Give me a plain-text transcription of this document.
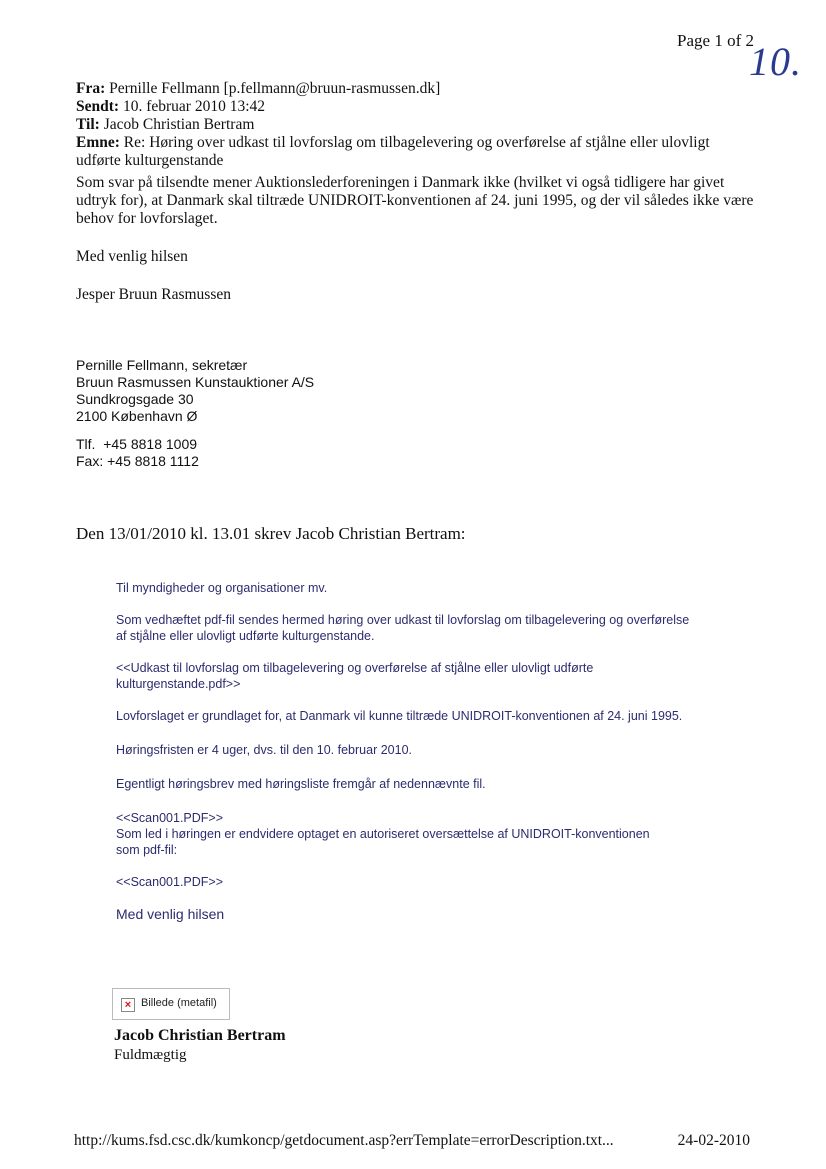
Page 1 of 2
10.
Fra: Pernille Fellmann [p.fellmann@bruun-rasmussen.dk]
Sendt: 10. februar 2010 13:42
Til: Jacob Christian Bertram
Emne: Re: Høring over udkast til lovforslag om tilbagelevering og overførelse af stjålne eller ulovligt udførte kulturgenstande
Som svar på tilsendte mener Auktionslederforeningen i Danmark ikke (hvilket vi også tidligere har givet udtryk for), at Danmark skal tiltræde UNIDROIT-konventionen af 24. juni 1995, og der vil således ikke være behov for lovforslaget.
Med venlig hilsen
Jesper Bruun Rasmussen
Pernille Fellmann, sekretær
Bruun Rasmussen Kunstauktioner A/S
Sundkrogsgade 30
2100 København Ø
Tlf.  +45 8818 1009
Fax: +45 8818 1112
Den 13/01/2010 kl. 13.01 skrev Jacob Christian Bertram:

Til myndigheder og organisationer mv.

Som vedhæftet pdf-fil sendes hermed høring over udkast til lovforslag om tilbagelevering og overførelse af stjålne eller ulovligt udførte kulturgenstande.

<<Udkast til lovforslag om tilbagelevering og overførelse af stjålne eller ulovligt udførte kulturgenstande.pdf>>

Lovforslaget er grundlaget for, at Danmark vil kunne tiltræde UNIDROIT-konventionen af 24. juni 1995.

Høringsfristen er 4 uger, dvs. til den 10. februar 2010.

Egentligt høringsbrev med høringsliste fremgår af nedennævnte fil.

<<Scan001.PDF>>

Som led i høringen er endvidere optaget en autoriseret oversættelse af UNIDROIT-konventionen som pdf-fil:

<<Scan001.PDF>>

Med venlig hilsen

× Billede (metafil)
Jacob Christian Bertram
Fuldmægtig
http://kums.fsd.csc.dk/kumkoncp/getdocument.asp?errTemplate=errorDescription.txt...	24-02-2010
